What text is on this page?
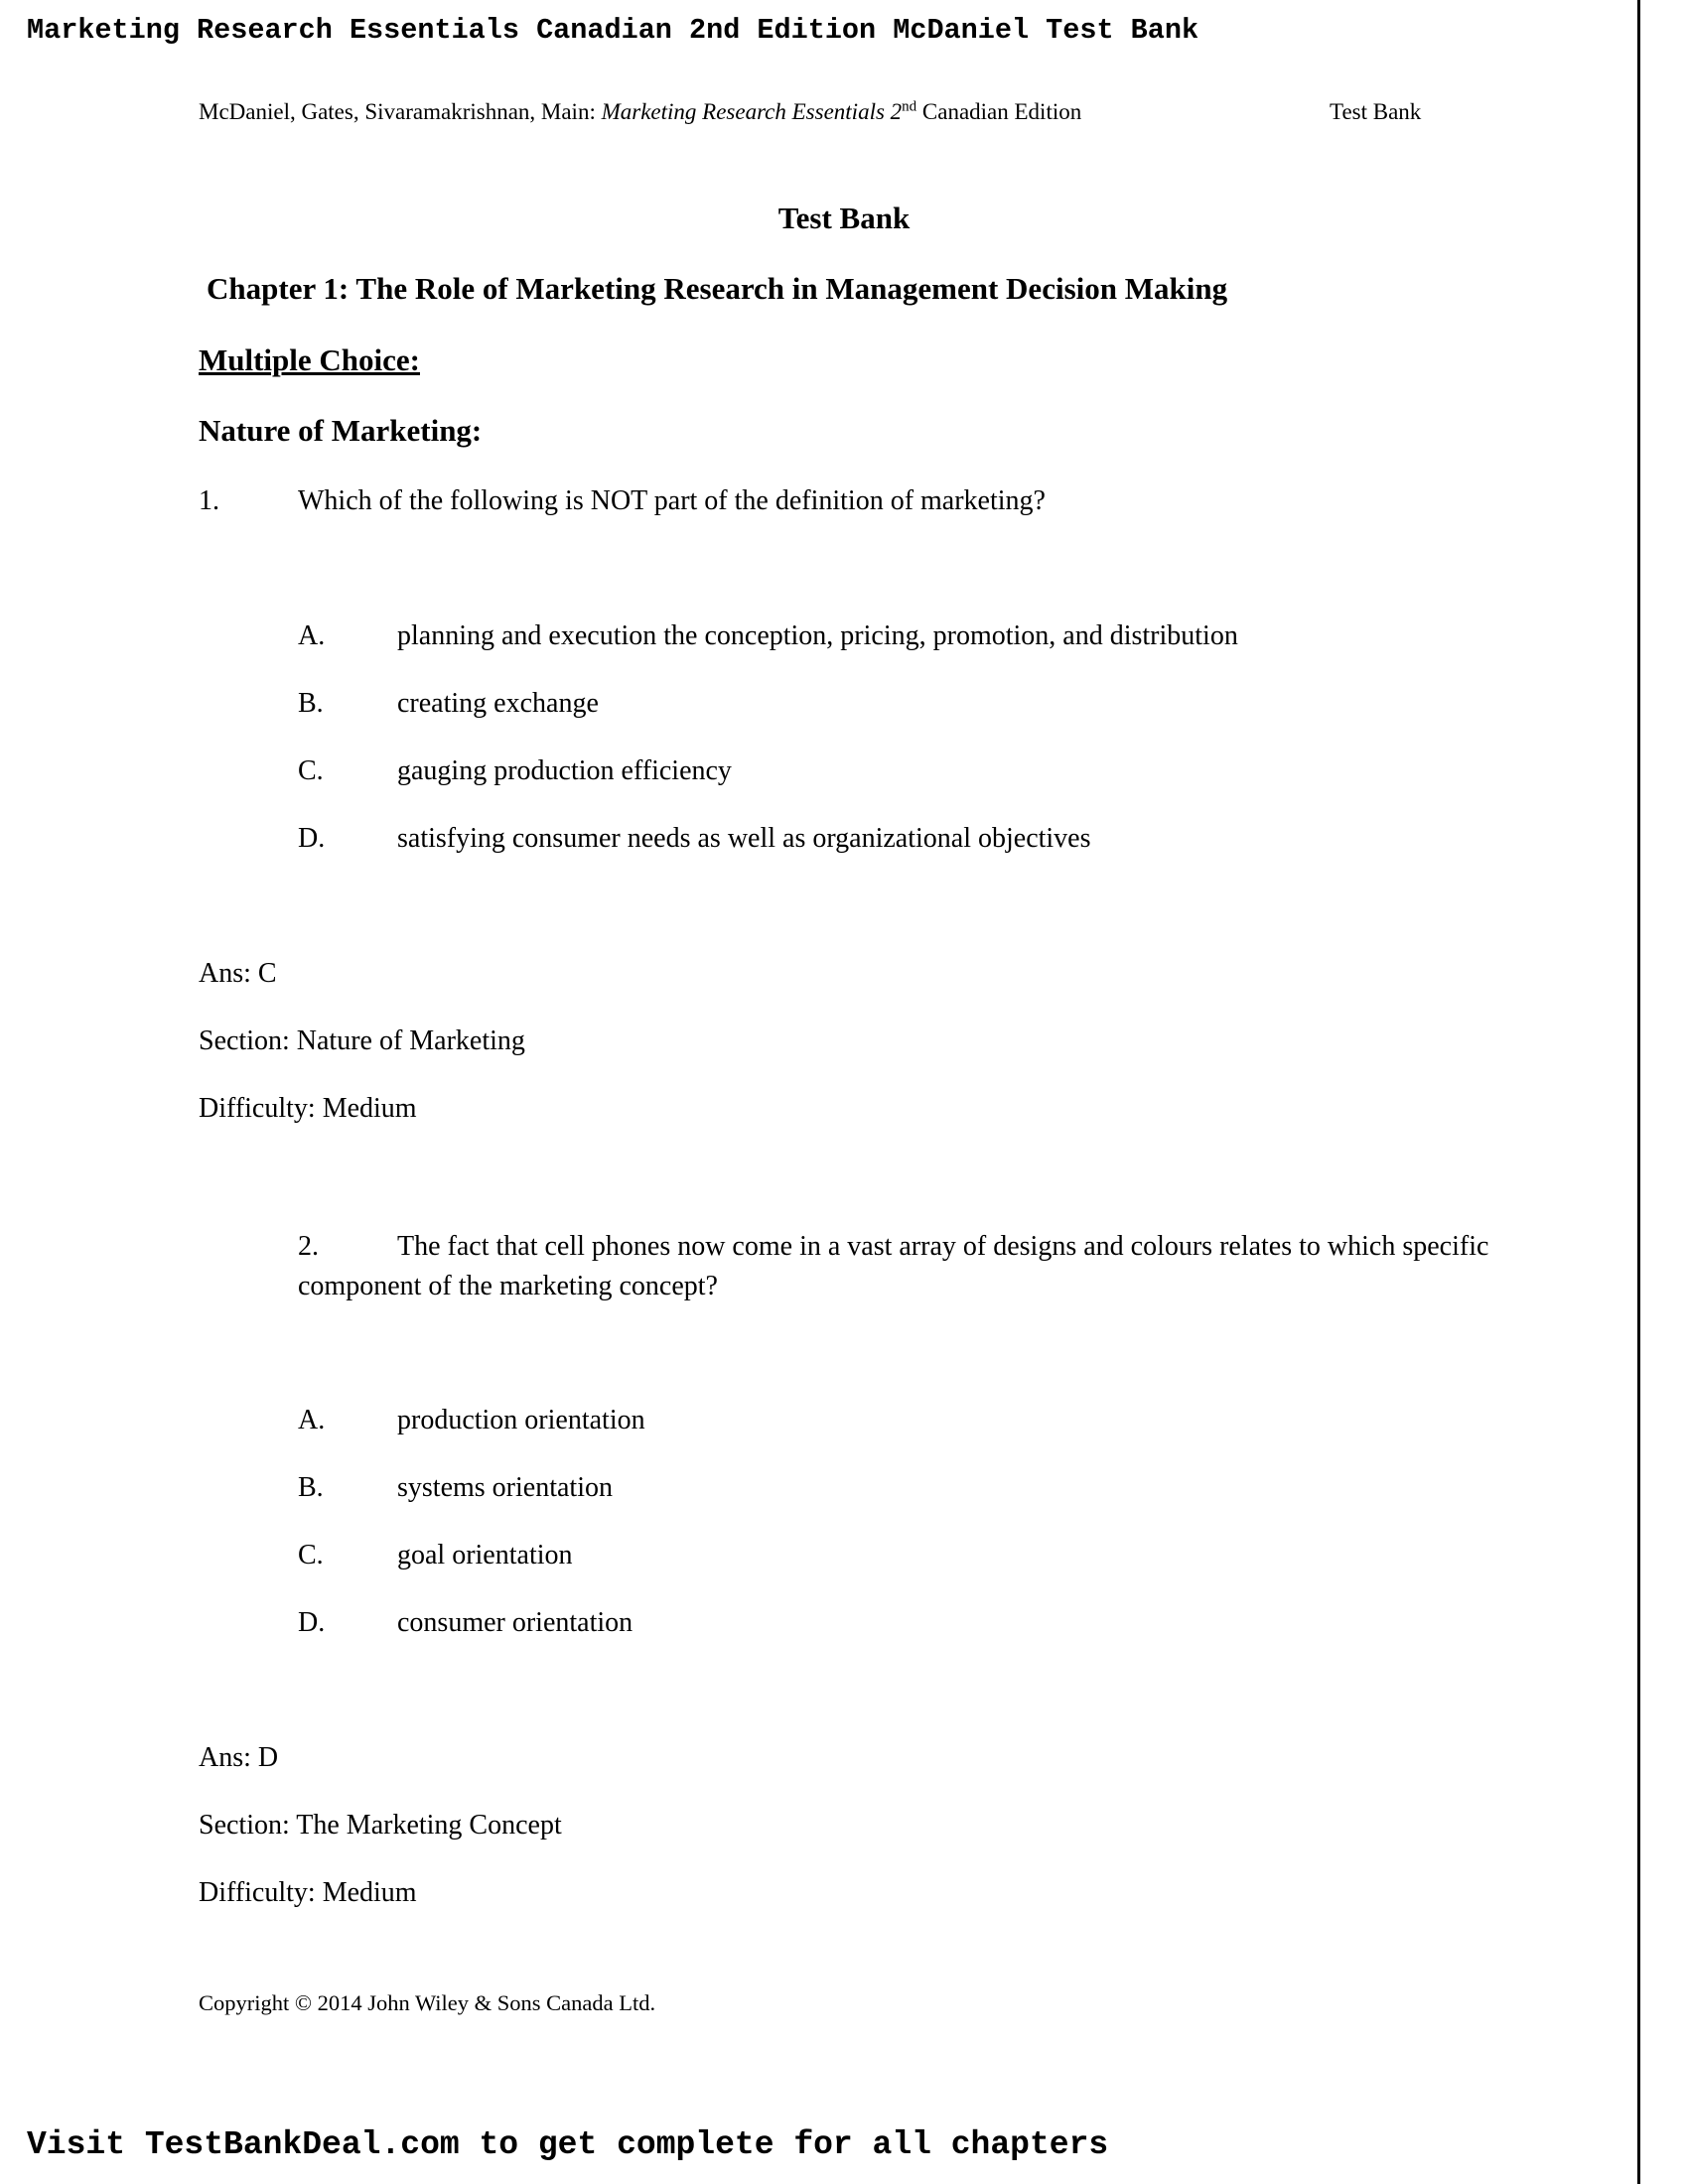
Marketing Research Essentials Canadian 2nd Edition McDaniel Test Bank
McDaniel, Gates, Sivaramakrishnan, Main: Marketing Research Essentials 2nd Canadian Edition	Test Bank
Test Bank
Chapter 1: The Role of Marketing Research in Management Decision Making
Multiple Choice:
Nature of Marketing:
1.	Which of the following is NOT part of the definition of marketing?
A.	planning and execution the conception, pricing, promotion, and distribution
B.	creating exchange
C.	gauging production efficiency
D.	satisfying consumer needs as well as organizational objectives
Ans: C
Section: Nature of Marketing
Difficulty: Medium
2.	The fact that cell phones now come in a vast array of designs and colours relates to which specific component of the marketing concept?
A.	production orientation
B.	systems orientation
C.	goal orientation
D.	consumer orientation
Ans: D
Section: The Marketing Concept
Difficulty: Medium
Copyright © 2014 John Wiley & Sons Canada Ltd.
Visit TestBankDeal.com to get complete for all chapters
